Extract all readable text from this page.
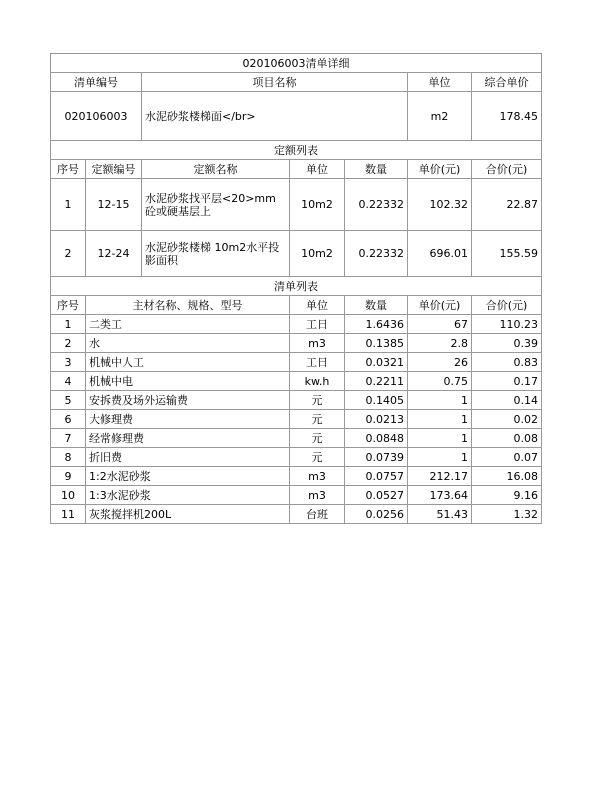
020106003清单详细						
清单编号		项目名称			单位	综合单价
020106003		水泥砂浆楼梯面</br>			m2	178.45
定额列表						
序号	定额编号	定额名称	单位	数量	单价(元)	合价(元)
1	12-15	水泥砂浆找平层<20>mm 砼或硬基层上	10m2	0.22332	102.32	22.87
2	12-24	水泥砂浆楼梯 10m2水平投影面积	10m2	0.22332	696.01	155.59
清单列表						
序号	主材名称、规格、型号		单位	数量	单价(元)	合价(元)
1	二类工		工日	1.6436	67	110.23
2	水		m3	0.1385	2.8	0.39
3	机械中人工		工日	0.0321	26	0.83
4	机械中电		kw.h	0.2211	0.75	0.17
5	安拆费及场外运输费		元	0.1405	1	0.14
6	大修理费		元	0.0213	1	0.02
7	经常修理费		元	0.0848	1	0.08
8	折旧费		元	0.0739	1	0.07
9	1:2水泥砂浆		m3	0.0757	212.17	16.08
10	1:3水泥砂浆		m3	0.0527	173.64	9.16
11	灰浆搅拌机200L		台班	0.0256	51.43	1.32
